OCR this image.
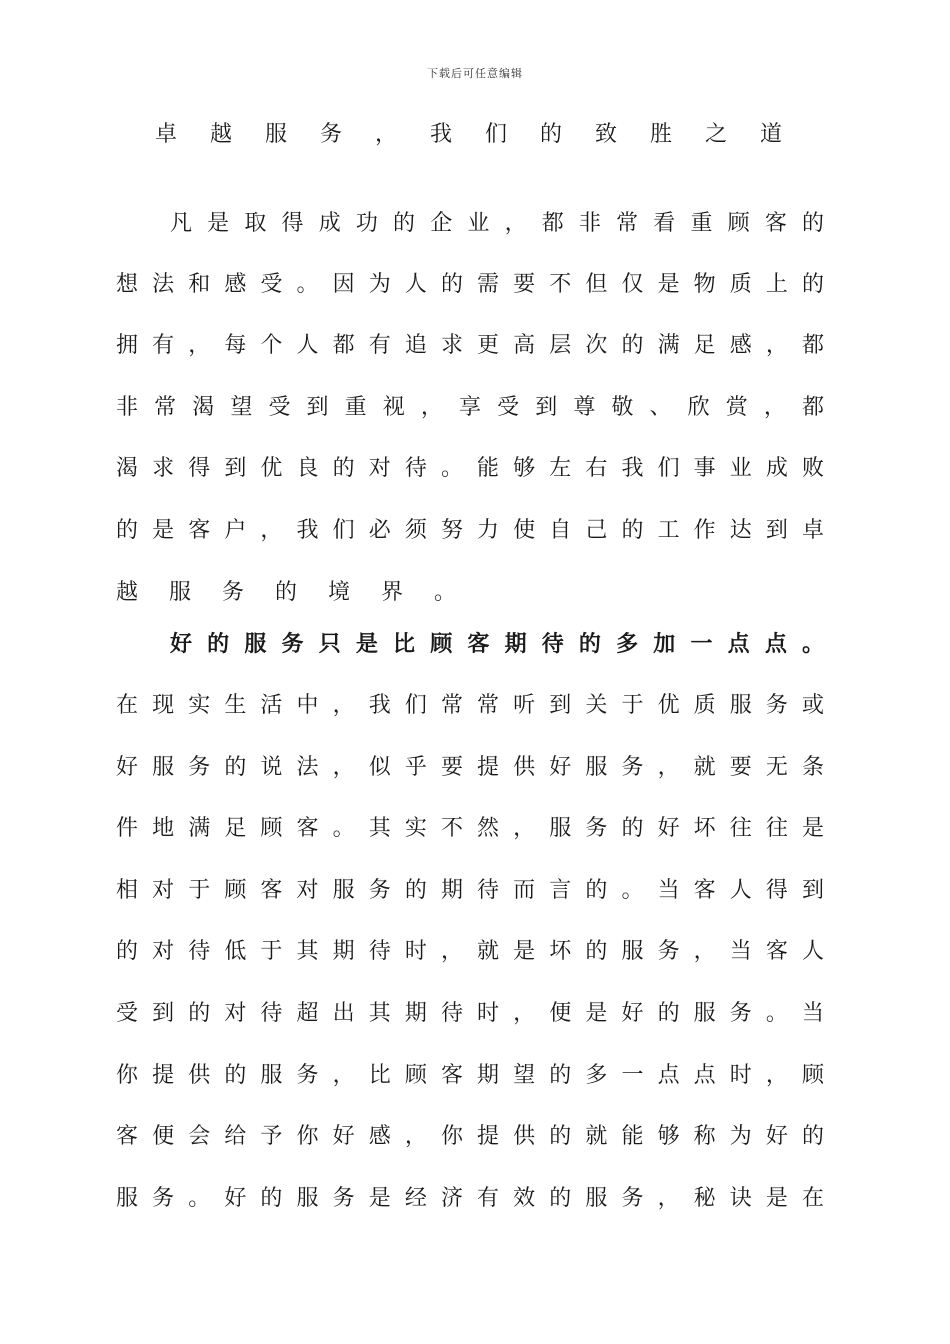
下载后可任意编辑
卓 越 服 务 ， 我 们 的 致 胜 之 道
凡 是 取 得 成 功 的 企 业 ， 都 非 常 看 重 顾 客 的
想 法 和 感 受 。 因 为 人 的 需 要 不 但 仅 是 物 质 上 的
拥 有 ， 每 个 人 都 有 追 求 更 高 层 次 的 满 足 感 ， 都
非 常 渴 望 受 到 重 视 ， 享 受 到 尊 敬 、 欣 赏 ， 都
渴 求 得 到 优 良 的 对 待 。 能 够 左 右 我 们 事 业 成 败
的 是 客 户 ， 我 们 必 须 努 力 使 自 己 的 工 作 达 到 卓
越 服 务 的 境 界 。
好 的 服 务 只 是 比 顾 客 期 待 的 多 加 一 点 点 。
在 现 实 生 活 中 ， 我 们 常 常 听 到 关 于 优 质 服 务 或
好 服 务 的 说 法 ， 似 乎 要 提 供 好 服 务 ， 就 要 无 条
件 地 满 足 顾 客 。 其 实 不 然 ， 服 务 的 好 坏 往 往 是
相 对 于 顾 客 对 服 务 的 期 待 而 言 的 。 当 客 人 得 到
的 对 待 低 于 其 期 待 时 ， 就 是 坏 的 服 务 ， 当 客 人
受 到 的 对 待 超 出 其 期 待 时 ， 便 是 好 的 服 务 。 当
你 提 供 的 服 务 ， 比 顾 客 期 望 的 多 一 点 点 时 ， 顾
客 便 会 给 予 你 好 感 ， 你 提 供 的 就 能 够 称 为 好 的
服 务 。 好 的 服 务 是 经 济 有 效 的 服 务 ， 秘 诀 是 在
